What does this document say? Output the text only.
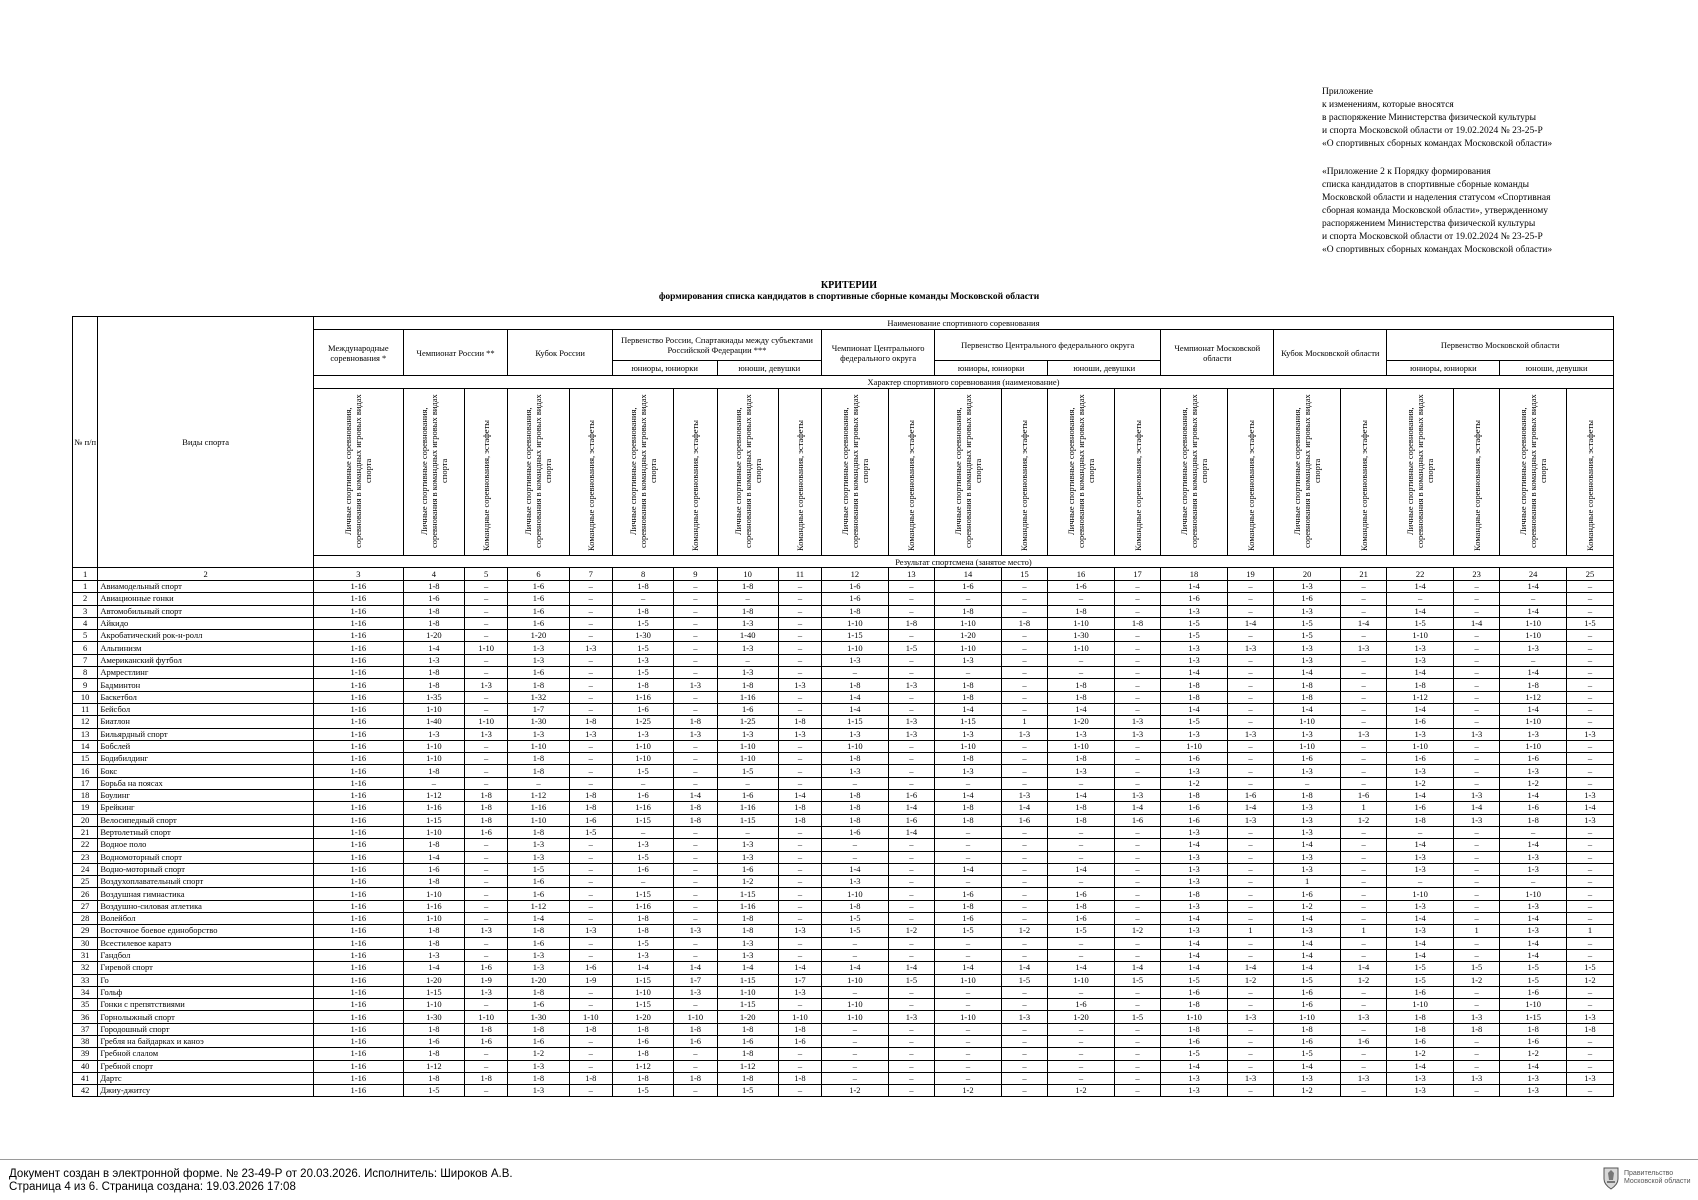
Приложение
к изменениям, которые вносятся
в распоряжение Министерства физической культуры
и спорта Московской области от 19.02.2024 № 23-25-Р
«О спортивных сборных командах Московской области»
«Приложение 2 к Порядку формирования
списка кандидатов в спортивные сборные команды
Московской области и наделения статусом «Спортивная
сборная команда Московской области», утвержденному
распоряжением Министерства физической культуры
и спорта Московской области от 19.02.2024 № 23-25-Р
«О спортивных сборных командах Московской области»
КРИТЕРИИ
формирования списка кандидатов в спортивные сборные команды Московской области
№ п/п	Виды спорта	Наименование спортивного соревнования																						
		Международные соревнования *	Чемпионат России **		Кубок России		Первенство России, Спартакиады между субъектами Российской Федерации ***				Чемпионат Центрального федерального округа		Первенство Центрального федерального округа				Чемпионат Московской области		Кубок Московской области		Первенство Московской области			
							юниоры, юниорки		юноши, девушки				юниоры, юниорки		юноши, девушки						юниоры, юниорки		юноши, девушки	
		Характер спортивного соревнования (наименование)																						
		Личные спортивные соревнования, соревнования в командных игровых видах спорта	Личные спортивные соревнования, соревнования в командных игровых видах спорта	Командные соревнования, эстафеты	Личные спортивные соревнования, соревнования в командных игровых видах спорта	Командные соревнования, эстафеты	Личные спортивные соревнования, соревнования в командных игровых видах спорта	Командные соревнования, эстафеты	Личные спортивные соревнования, соревнования в командных игровых видах спорта	Командные соревнования, эстафеты	Личные спортивные соревнования, соревнования в командных игровых видах спорта	Командные соревнования, эстафеты	Личные спортивные соревнования, соревнования в командных игровых видах спорта	Командные соревнования, эстафеты	Личные спортивные соревнования, соревнования в командных игровых видах спорта	Командные соревнования, эстафеты	Личные спортивные соревнования, соревнования в командных игровых видах спорта	Командные соревнования, эстафеты	Личные спортивные соревнования, соревнования в командных игровых видах спорта	Командные соревнования, эстафеты	Личные спортивные соревнования, соревнования в командных игровых видах спорта	Командные соревнования, эстафеты	Личные спортивные соревнования, соревнования в командных игровых видах спорта	Командные соревнования, эстафеты
		Результат спортсмена (занятое место)																						
1	2	3	4	5	6	7	8	9	10	11	12	13	14	15	16	17	18	19	20	21	22	23	24	25
1	Авиамодельный спорт	1-16	1-8	–	1-6	–	1-8	–	1-8	–	1-6	–	1-6	–	1-6	–	1-4	–	1-3	–	1-4	–	1-4	–
2	Авиационные гонки	1-16	1-6	–	1-6	–	–	–	–	–	1-6	–	–	–	–	–	1-6	–	1-6	–	–	–	–	–
3	Автомобильный спорт	1-16	1-8	–	1-6	–	1-8	–	1-8	–	1-8	–	1-8	–	1-8	–	1-3	–	1-3	–	1-4	–	1-4	–
4	Айкидо	1-16	1-8	–	1-6	–	1-5	–	1-3	–	1-10	1-8	1-10	1-8	1-10	1-8	1-5	1-4	1-5	1-4	1-5	1-4	1-10	1-5
5	Акробатический рок-н-ролл	1-16	1-20	–	1-20	–	1-30	–	1-40	–	1-15	–	1-20	–	1-30	–	1-5	–	1-5	–	1-10	–	1-10	–
6	Альпинизм	1-16	1-4	1-10	1-3	1-3	1-5	–	1-3	–	1-10	1-5	1-10	–	1-10	–	1-3	1-3	1-3	1-3	1-3	–	1-3	–
7	Американский футбол	1-16	1-3	–	1-3	–	1-3	–	–	–	1-3	–	1-3	–	–	–	1-3	–	1-3	–	1-3	–	–	–
8	Армрестлинг	1-16	1-8	–	1-6	–	1-5	–	1-3	–	–	–	–	–	–	–	1-4	–	1-4	–	1-4	–	1-4	–
9	Бадминтон	1-16	1-8	1-3	1-8	–	1-8	1-3	1-8	1-3	1-8	1-3	1-8	–	1-8	–	1-8	–	1-8	–	1-8	–	1-8	–
10	Баскетбол	1-16	1-35	–	1-32	–	1-16	–	1-16	–	1-4	–	1-8	–	1-8	–	1-8	–	1-8	–	1-12	–	1-12	–
11	Бейсбол	1-16	1-10	–	1-7	–	1-6	–	1-6	–	1-4	–	1-4	–	1-4	–	1-4	–	1-4	–	1-4	–	1-4	–
12	Биатлон	1-16	1-40	1-10	1-30	1-8	1-25	1-8	1-25	1-8	1-15	1-3	1-15	1	1-20	1-3	1-5	–	1-10	–	1-6	–	1-10	–
13	Бильярдный спорт	1-16	1-3	1-3	1-3	1-3	1-3	1-3	1-3	1-3	1-3	1-3	1-3	1-3	1-3	1-3	1-3	1-3	1-3	1-3	1-3	1-3	1-3	1-3
14	Бобслей	1-16	1-10	–	1-10	–	1-10	–	1-10	–	1-10	–	1-10	–	1-10	–	1-10	–	1-10	–	1-10	–	1-10	–
15	Бодибилдинг	1-16	1-10	–	1-8	–	1-10	–	1-10	–	1-8	–	1-8	–	1-8	–	1-6	–	1-6	–	1-6	–	1-6	–
16	Бокс	1-16	1-8	–	1-8	–	1-5	–	1-5	–	1-3	–	1-3	–	1-3	–	1-3	–	1-3	–	1-3	–	1-3	–
17	Борьба на поясах	1-16	–	–	–	–	–	–	–	–	–	–	–	–	–	–	1-2	–	–	–	1-2	–	1-2	–
18	Боулинг	1-16	1-12	1-8	1-12	1-8	1-6	1-4	1-6	1-4	1-8	1-6	1-4	1-3	1-4	1-3	1-8	1-6	1-8	1-6	1-4	1-3	1-4	1-3
19	Брейкинг	1-16	1-16	1-8	1-16	1-8	1-16	1-8	1-16	1-8	1-8	1-4	1-8	1-4	1-8	1-4	1-6	1-4	1-3	1	1-6	1-4	1-6	1-4
20	Велосипедный спорт	1-16	1-15	1-8	1-10	1-6	1-15	1-8	1-15	1-8	1-8	1-6	1-8	1-6	1-8	1-6	1-6	1-3	1-3	1-2	1-8	1-3	1-8	1-3
21	Вертолетный спорт	1-16	1-10	1-6	1-8	1-5	–	–	–	–	1-6	1-4	–	–	–	–	1-3	–	1-3	–	–	–	–	–
22	Водное поло	1-16	1-8	–	1-3	–	1-3	–	1-3	–	–	–	–	–	–	–	1-4	–	1-4	–	1-4	–	1-4	–
23	Водномоторный спорт	1-16	1-4	–	1-3	–	1-5	–	1-3	–	–	–	–	–	–	–	1-3	–	1-3	–	1-3	–	1-3	–
24	Водно-моторный спорт	1-16	1-6	–	1-5	–	1-6	–	1-6	–	1-4	–	1-4	–	1-4	–	1-3	–	1-3	–	1-3	–	1-3	–
25	Воздухоплавательный спорт	1-16	1-8	–	1-6	–	–	–	1-2	–	1-3	–	–	–	–	–	1-3	–	1	–	–	–	–	–
26	Воздушная гимнастика	1-16	1-10	–	1-6	–	1-15	–	1-15	–	1-10	–	1-6	–	1-6	–	1-8	–	1-6	–	1-10	–	1-10	–
27	Воздушно-силовая атлетика	1-16	1-16	–	1-12	–	1-16	–	1-16	–	1-8	–	1-8	–	1-8	–	1-3	–	1-2	–	1-3	–	1-3	–
28	Волейбол	1-16	1-10	–	1-4	–	1-8	–	1-8	–	1-5	–	1-6	–	1-6	–	1-4	–	1-4	–	1-4	–	1-4	–
29	Восточное боевое единоборство	1-16	1-8	1-3	1-8	1-3	1-8	1-3	1-8	1-3	1-5	1-2	1-5	1-2	1-5	1-2	1-3	1	1-3	1	1-3	1	1-3	1
30	Всестилевое каратэ	1-16	1-8	–	1-6	–	1-5	–	1-3	–	–	–	–	–	–	–	1-4	–	1-4	–	1-4	–	1-4	–
31	Гандбол	1-16	1-3	–	1-3	–	1-3	–	1-3	–	–	–	–	–	–	–	1-4	–	1-4	–	1-4	–	1-4	–
32	Гиревой спорт	1-16	1-4	1-6	1-3	1-6	1-4	1-4	1-4	1-4	1-4	1-4	1-4	1-4	1-4	1-4	1-4	1-4	1-4	1-4	1-5	1-5	1-5	1-5
33	Го	1-16	1-20	1-9	1-20	1-9	1-15	1-7	1-15	1-7	1-10	1-5	1-10	1-5	1-10	1-5	1-5	1-2	1-5	1-2	1-5	1-2	1-5	1-2
34	Гольф	1-16	1-15	1-3	1-8	–	1-10	1-3	1-10	1-3	–	–	–	–	–	–	1-6	–	1-6	–	1-6	–	1-6	–
35	Гонки с препятствиями	1-16	1-10	–	1-6	–	1-15	–	1-15	–	1-10	–	–	–	1-6	–	1-8	–	1-6	–	1-10	–	1-10	–
36	Горнолыжный спорт	1-16	1-30	1-10	1-30	1-10	1-20	1-10	1-20	1-10	1-10	1-3	1-10	1-3	1-20	1-5	1-10	1-3	1-10	1-3	1-8	1-3	1-15	1-3
37	Городошный спорт	1-16	1-8	1-8	1-8	1-8	1-8	1-8	1-8	1-8	–	–	–	–	–	–	1-8	–	1-8	–	1-8	1-8	1-8	1-8
38	Гребля на байдарках и каноэ	1-16	1-6	1-6	1-6	–	1-6	1-6	1-6	1-6	–	–	–	–	–	–	1-6	–	1-6	1-6	1-6	–	1-6	–
39	Гребной слалом	1-16	1-8	–	1-2	–	1-8	–	1-8	–	–	–	–	–	–	–	1-5	–	1-5	–	1-2	–	1-2	–
40	Гребной спорт	1-16	1-12	–	1-3	–	1-12	–	1-12	–	–	–	–	–	–	–	1-4	–	1-4	–	1-4	–	1-4	–
41	Дартс	1-16	1-8	1-8	1-8	1-8	1-8	1-8	1-8	1-8	–	–	–	–	–	–	1-3	1-3	1-3	1-3	1-3	1-3	1-3	1-3
42	Джиу-джитсу	1-16	1-5	–	1-3	–	1-5	–	1-5	–	1-2	–	1-2	–	1-2	–	1-3	–	1-2	–	1-3	–	1-3	–
Документ создан в электронной форме. № 23-49-Р от 20.03.2026. Исполнитель: Широков А.В.
Страница 4 из 6. Страница создана: 19.03.2026 17:08
Правительство
Московской области
